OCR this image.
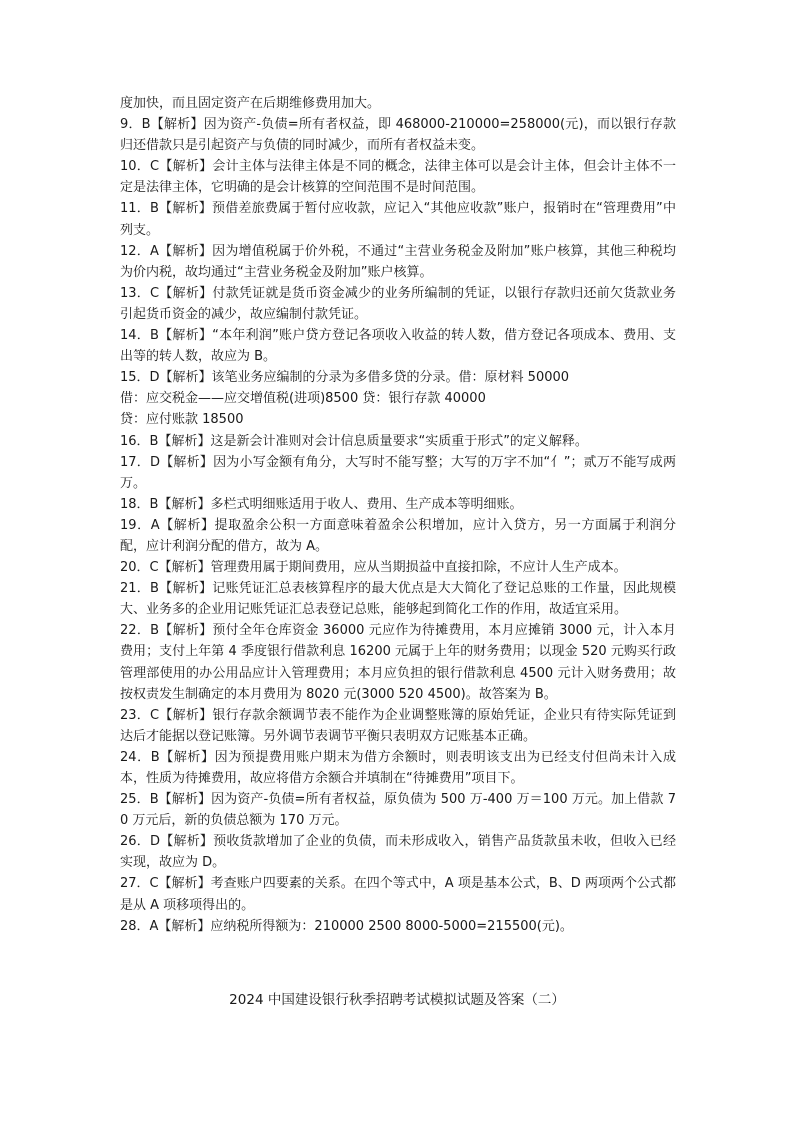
度加快，而且固定资产在后期维修费用加大。

9．B【解析】因为资产-负债=所有者权益，即 468000-210000=258000(元)，而以银行存款归还借款只是引起资产与负债的同时减少，而所有者权益未变。

10．C【解析】会计主体与法律主体是不同的概念，法律主体可以是会计主体，但会计主体不一定是法律主体，它明确的是会计核算的空间范围不是时间范围。

11．B【解析】预借差旅费属于暂付应收款，应记入“其他应收款”账户，报销时在“管理费用”中列支。

12．A【解析】因为增值税属于价外税，不通过“主营业务税金及附加”账户核算，其他三种税均为价内税，故均通过“主营业务税金及附加”账户核算。

13．C【解析】付款凭证就是货币资金减少的业务所编制的凭证，以银行存款归还前欠货款业务引起货币资金的减少，故应编制付款凭证。

14．B【解析】“本年利润”账户贷方登记各项收入收益的转人数，借方登记各项成本、费用、支出等的转人数，故应为 B。

15．D【解析】该笔业务应编制的分录为多借多贷的分录。借：原材料 50000

借：应交税金——应交增值税(进项)8500 贷：银行存款 40000

贷：应付账款 18500

16．B【解析】这是新会计准则对会计信息质量要求“实质重于形式”的定义解释。

17．D【解析】因为小写金额有角分，大写时不能写整；大写的万字不加“亻”；贰万不能写成两万。

18．B【解析】多栏式明细账适用于收人、费用、生产成本等明细账。

19．A【解析】提取盈余公积一方面意味着盈余公积增加，应计入贷方，另一方面属于利润分配，应计利润分配的借方，故为 A。

20．C【解析】管理费用属于期间费用，应从当期损益中直接扣除，不应计人生产成本。

21．B【解析】记账凭证汇总表核算程序的最大优点是大大简化了登记总账的工作量，因此规模大、业务多的企业用记账凭证汇总表登记总账，能够起到简化工作的作用，故适宜采用。

22．B【解析】预付全年仓库资金 36000 元应作为待摊费用，本月应摊销 3000 元，计入本月费用；支付上年第 4 季度银行借款利息 16200 元属于上年的财务费用；以现金 520 元购买行政管理部使用的办公用品应计入管理费用；本月应负担的银行借款利息 4500 元计入财务费用；故按权责发生制确定的本月费用为 8020 元(3000 520 4500)。故答案为 B。

23．C【解析】银行存款余额调节表不能作为企业调整账簿的原始凭证，企业只有待实际凭证到达后才能据以登记账簿。另外调节表调节平衡只表明双方记账基本正确。

24．B【解析】因为预提费用账户期末为借方余额时，则表明该支出为已经支付但尚未计入成本，性质为待摊费用，故应将借方余额合并填制在“待摊费用”项目下。

25．B【解析】因为资产-负债=所有者权益，原负债为 500 万-400 万＝100 万元。加上借款 70 万元后，新的负债总额为 170 万元。

26．D【解析】预收货款增加了企业的负债，而未形成收入，销售产品货款虽未收，但收入已经实现，故应为 D。

27．C【解析】考查账户四要素的关系。在四个等式中，A 项是基本公式，B、D 两项两个公式都是从 A 项移项得出的。

28．A【解析】应纳税所得额为：210000 2500 8000-5000=215500(元)。

2024 中国建设银行秋季招聘考试模拟试题及答案（二）
